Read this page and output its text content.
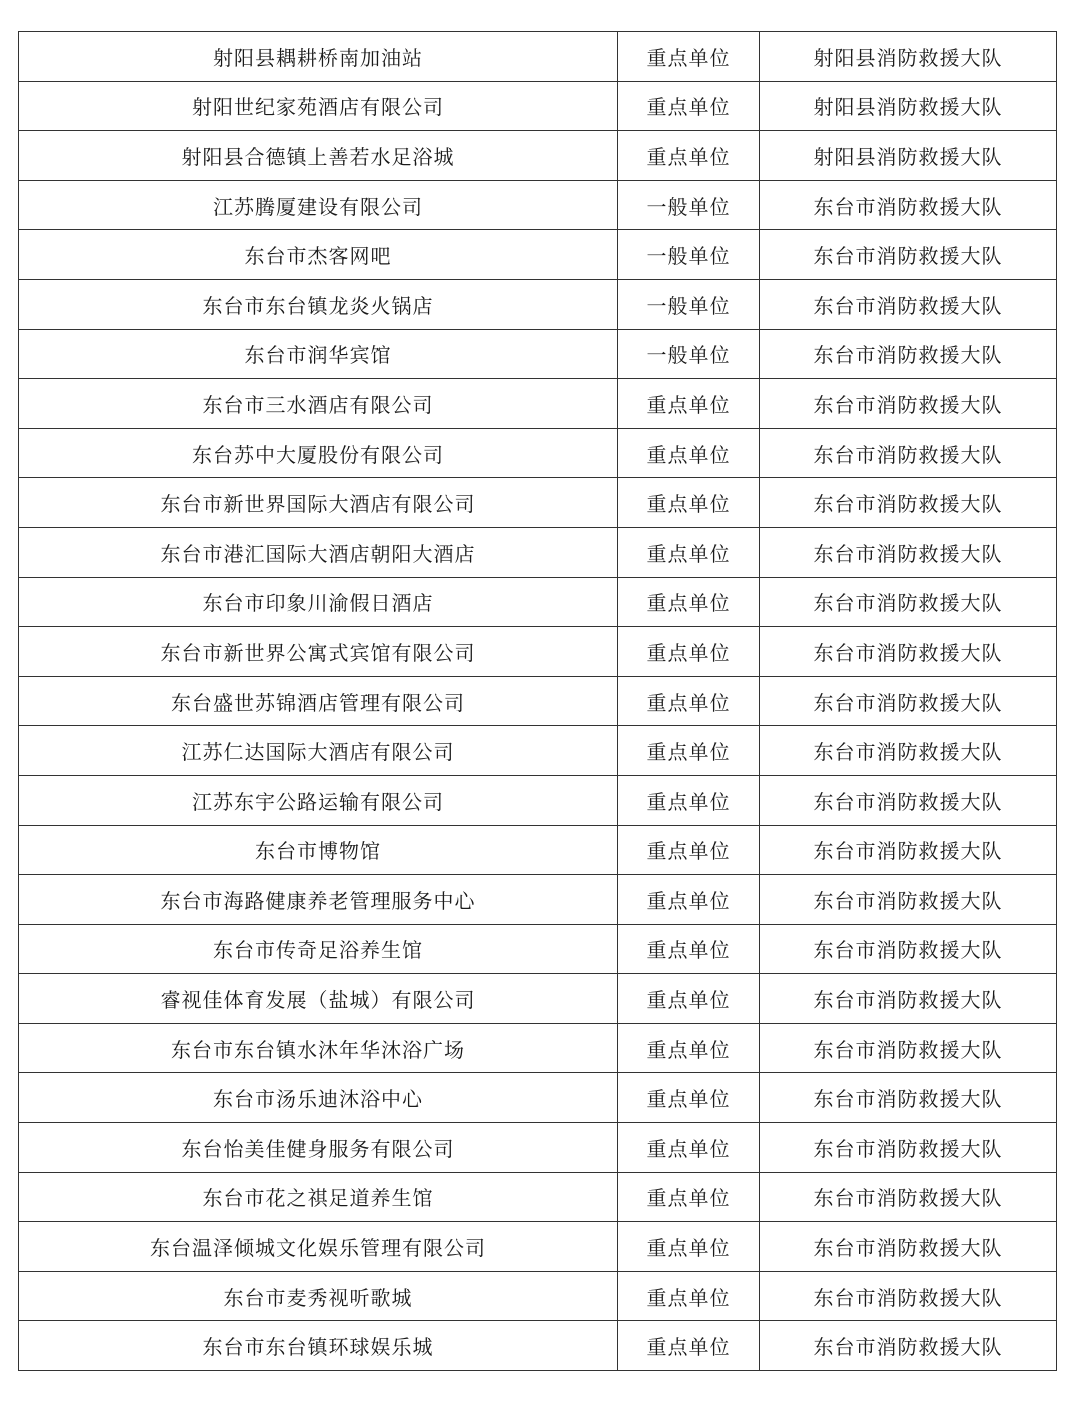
射阳县耦耕桥南加油站	重点单位	射阳县消防救援大队
射阳世纪家苑酒店有限公司	重点单位	射阳县消防救援大队
射阳县合德镇上善若水足浴城	重点单位	射阳县消防救援大队
江苏腾厦建设有限公司	一般单位	东台市消防救援大队
东台市杰客网吧	一般单位	东台市消防救援大队
东台市东台镇龙炎火锅店	一般单位	东台市消防救援大队
东台市润华宾馆	一般单位	东台市消防救援大队
东台市三水酒店有限公司	重点单位	东台市消防救援大队
东台苏中大厦股份有限公司	重点单位	东台市消防救援大队
东台市新世界国际大酒店有限公司	重点单位	东台市消防救援大队
东台市港汇国际大酒店朝阳大酒店	重点单位	东台市消防救援大队
东台市印象川渝假日酒店	重点单位	东台市消防救援大队
东台市新世界公寓式宾馆有限公司	重点单位	东台市消防救援大队
东台盛世苏锦酒店管理有限公司	重点单位	东台市消防救援大队
江苏仁达国际大酒店有限公司	重点单位	东台市消防救援大队
江苏东宇公路运输有限公司	重点单位	东台市消防救援大队
东台市博物馆	重点单位	东台市消防救援大队
东台市海路健康养老管理服务中心	重点单位	东台市消防救援大队
东台市传奇足浴养生馆	重点单位	东台市消防救援大队
睿视佳体育发展（盐城）有限公司	重点单位	东台市消防救援大队
东台市东台镇水沐年华沐浴广场	重点单位	东台市消防救援大队
东台市汤乐迪沐浴中心	重点单位	东台市消防救援大队
东台怡美佳健身服务有限公司	重点单位	东台市消防救援大队
东台市花之祺足道养生馆	重点单位	东台市消防救援大队
东台温泽倾城文化娱乐管理有限公司	重点单位	东台市消防救援大队
东台市麦秀视听歌城	重点单位	东台市消防救援大队
东台市东台镇环球娱乐城	重点单位	东台市消防救援大队
